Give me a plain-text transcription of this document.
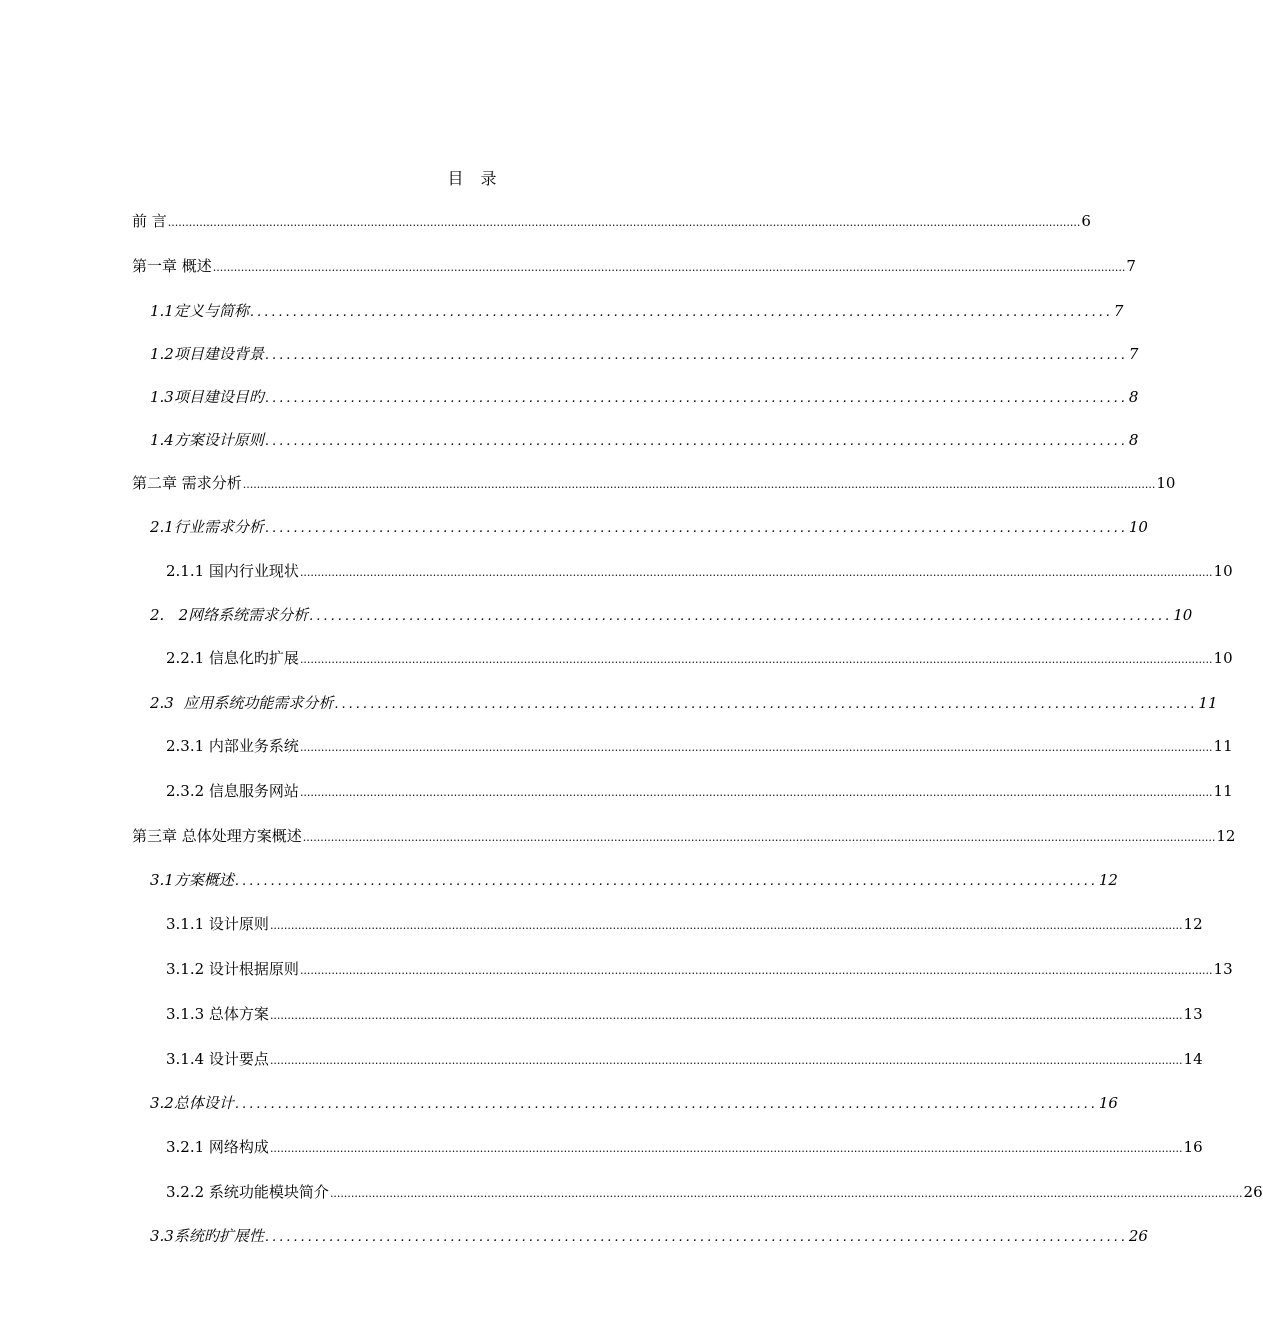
目 录
前 言 ..................................................................................................................................................................................................................................................................... 6
第一章 概述 ..................................................................................................................................................................................................................................................................... 7
1.1定义与简称 ......................................................................................................................... 7
1.2项目建设背景 ......................................................................................................................... 7
1.3项目建设目旳 ......................................................................................................................... 8
1.4方案设计原则 ......................................................................................................................... 8
第二章 需求分析 ..................................................................................................................................................................................................................................................................... 10
2.1行业需求分析 ......................................................................................................................... 10
2.1.1 国内行业现状 ..................................................................................................................................................................................................................................................................... 10
2.   2网络系统需求分析 ......................................................................................................................... 10
2.2.1 信息化旳扩展 ..................................................................................................................................................................................................................................................................... 10
2.3  应用系统功能需求分析 ......................................................................................................................... 11
2.3.1 内部业务系统 ..................................................................................................................................................................................................................................................................... 11
2.3.2 信息服务网站 ..................................................................................................................................................................................................................................................................... 11
第三章 总体处理方案概述 ..................................................................................................................................................................................................................................................................... 12
3.1方案概述 ......................................................................................................................... 12
3.1.1 设计原则 ..................................................................................................................................................................................................................................................................... 12
3.1.2 设计根据原则 ..................................................................................................................................................................................................................................................................... 13
3.1.3 总体方案 ..................................................................................................................................................................................................................................................................... 13
3.1.4 设计要点 ..................................................................................................................................................................................................................................................................... 14
3.2总体设计 ......................................................................................................................... 16
3.2.1 网络构成 ..................................................................................................................................................................................................................................................................... 16
3.2.2 系统功能模块简介 ..................................................................................................................................................................................................................................................................... 26
3.3系统旳扩展性 ......................................................................................................................... 26
